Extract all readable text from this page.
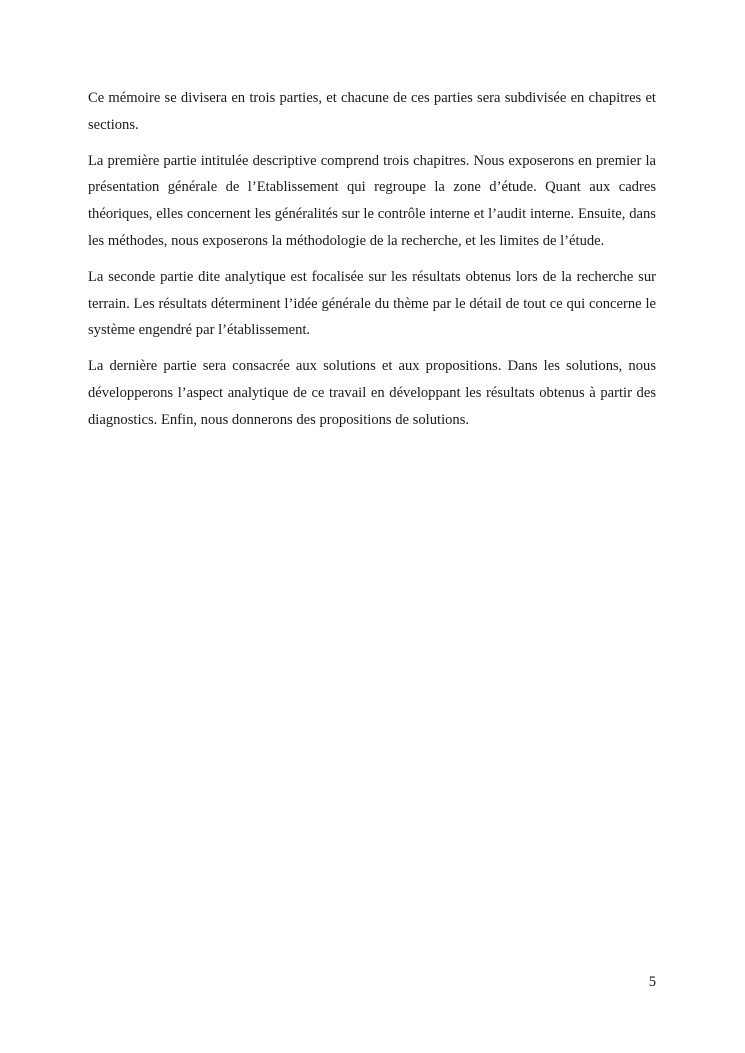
Ce mémoire se divisera en trois parties, et chacune de ces parties sera subdivisée en chapitres et sections.

La première partie intitulée descriptive comprend trois chapitres. Nous exposerons en premier la présentation générale de l’Etablissement qui regroupe la zone d’étude. Quant aux cadres théoriques, elles concernent les généralités sur le contrôle interne et l’audit interne. Ensuite, dans les méthodes, nous exposerons la méthodologie de la recherche, et les limites de l’étude.

La seconde partie dite analytique est focalisée sur les résultats obtenus lors de la recherche sur terrain. Les résultats déterminent l’idée générale du thème par le détail de tout ce qui concerne le système engendré par l’établissement.

La dernière partie sera consacrée aux solutions et aux propositions. Dans les solutions, nous développerons l’aspect analytique de ce travail en développant les résultats obtenus à partir des diagnostics. Enfin, nous donnerons des propositions de solutions.

5
